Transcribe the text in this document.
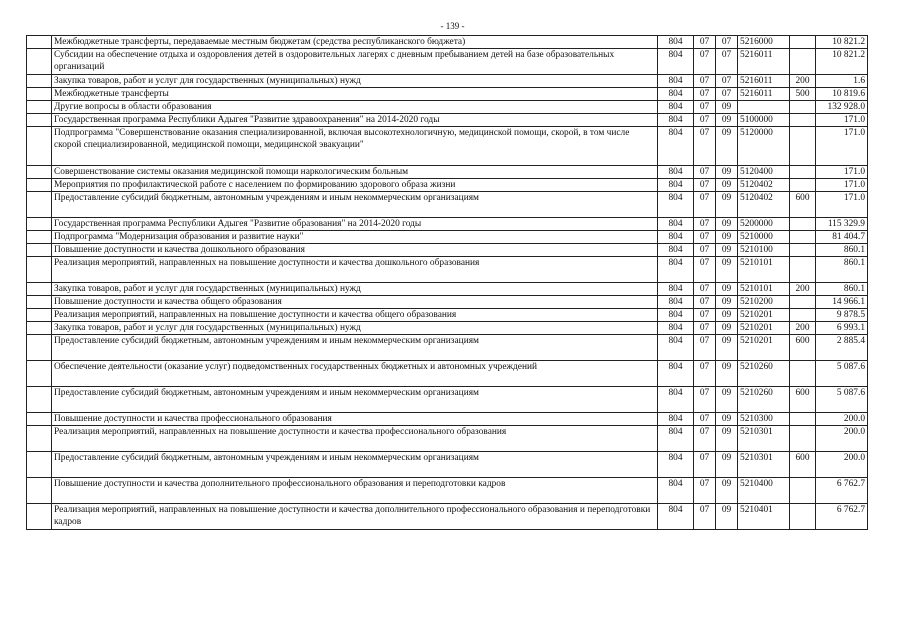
- 139 -

	Межбюджетные трансферты, передаваемые местным бюджетам (средства республиканского бюджета)	804	07	07	5216000		10 821.2

	Субсидии на обеспечение отдыха и оздоровления детей в оздоровительных лагерях с дневным пребыванием детей на базе образовательных организаций	804	07	07	5216011		10 821.2

	Закупка товаров, работ и услуг для государственных (муниципальных) нужд	804	07	07	5216011	200	1.6

	Межбюджетные трансферты	804	07	07	5216011	500	10 819.6

	Другие вопросы в области образования	804	07	09			132 928.0

	Государственная программа Республики Адыгея "Развитие здравоохранения" на 2014-2020 годы	804	07	09	5100000		171.0

	Подпрограмма "Совершенствование оказания специализированной, включая высокотехнологичную, медицинской помощи, скорой, в том числе скорой специализированной, медицинской помощи, медицинской эвакуации"	804	07	09	5120000		171.0

	Совершенствование системы оказания медицинской помощи наркологическим больным	804	07	09	5120400		171.0

	Мероприятия по профилактической работе с населением по формированию здорового образа жизни	804	07	09	5120402		171.0

	Предоставление субсидий бюджетным, автономным учреждениям и иным некоммерческим организациям	804	07	09	5120402	600	171.0

	Государственная программа Республики Адыгея "Развитие образования" на 2014-2020 годы	804	07	09	5200000		115 329.9

	Подпрограмма "Модернизация образования и развитие науки"	804	07	09	5210000		81 404.7

	Повышение доступности и качества дошкольного образования	804	07	09	5210100		860.1

	Реализация мероприятий, направленных на повышение доступности и качества дошкольного образования	804	07	09	5210101		860.1

	Закупка товаров, работ и услуг для государственных (муниципальных) нужд	804	07	09	5210101	200	860.1

	Повышение доступности и качества общего образования	804	07	09	5210200		14 966.1

	Реализация мероприятий, направленных на повышение доступности и качества общего образования	804	07	09	5210201		9 878.5

	Закупка товаров, работ и услуг для государственных (муниципальных) нужд	804	07	09	5210201	200	6 993.1

	Предоставление субсидий бюджетным, автономным учреждениям и иным некоммерческим организациям	804	07	09	5210201	600	2 885.4

	Обеспечение деятельности (оказание услуг) подведомственных государственных бюджетных и автономных учреждений	804	07	09	5210260		5 087.6

	Предоставление субсидий бюджетным, автономным учреждениям и иным некоммерческим организациям	804	07	09	5210260	600	5 087.6

	Повышение доступности и качества профессионального образования	804	07	09	5210300		200.0

	Реализация мероприятий, направленных на повышение доступности и качества профессионального образования	804	07	09	5210301		200.0

	Предоставление субсидий бюджетным, автономным учреждениям и иным некоммерческим организациям	804	07	09	5210301	600	200.0

	Повышение доступности и качества дополнительного профессионального образования и переподготовки кадров	804	07	09	5210400		6 762.7

	Реализация мероприятий, направленных на повышение доступности и качества дополнительного профессионального образования и переподготовки кадров	804	07	09	5210401		6 762.7
